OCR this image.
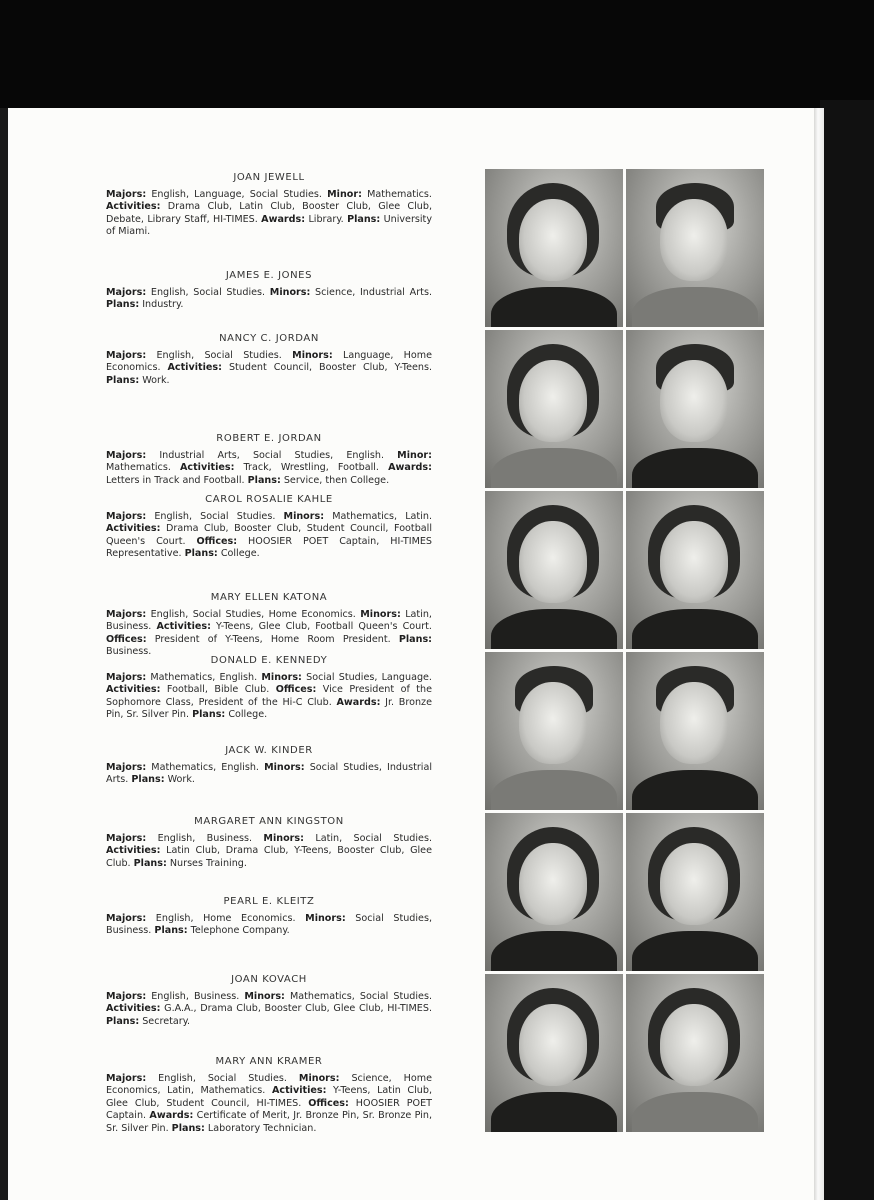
JOAN JEWELL
Majors: English, Language, Social Studies. Minor: Mathematics. Activities: Drama Club, Latin Club, Booster Club, Glee Club, Debate, Library Staff, HI-TIMES. Awards: Library. Plans: University of Miami.
JAMES E. JONES
Majors: English, Social Studies. Minors: Science, Industrial Arts. Plans: Industry.
NANCY C. JORDAN
Majors: English, Social Studies. Minors: Language, Home Economics. Activities: Student Council, Booster Club, Y-Teens. Plans: Work.
ROBERT E. JORDAN
Majors: Industrial Arts, Social Studies, English. Minor: Mathematics. Activities: Track, Wrestling, Football. Awards: Letters in Track and Football. Plans: Service, then College.
CAROL ROSALIE KAHLE
Majors: English, Social Studies. Minors: Mathematics, Latin. Activities: Drama Club, Booster Club, Student Council, Football Queen's Court. Offices: HOOSIER POET Captain, HI-TIMES Representative. Plans: College.
MARY ELLEN KATONA
Majors: English, Social Studies, Home Economics. Minors: Latin, Business. Activities: Y-Teens, Glee Club, Football Queen's Court. Offices: President of Y-Teens, Home Room President. Plans: Business.
DONALD E. KENNEDY
Majors: Mathematics, English. Minors: Social Studies, Language. Activities: Football, Bible Club. Offices: Vice President of the Sophomore Class, President of the Hi-C Club. Awards: Jr. Bronze Pin, Sr. Silver Pin. Plans: College.
JACK W. KINDER
Majors: Mathematics, English. Minors: Social Studies, Industrial Arts. Plans: Work.
MARGARET ANN KINGSTON
Majors: English, Business. Minors: Latin, Social Studies. Activities: Latin Club, Drama Club, Y-Teens, Booster Club, Glee Club. Plans: Nurses Training.
PEARL E. KLEITZ
Majors: English, Home Economics. Minors: Social Studies, Business. Plans: Telephone Company.
JOAN KOVACH
Majors: English, Business. Minors: Mathematics, Social Studies. Activities: G.A.A., Drama Club, Booster Club, Glee Club, HI-TIMES. Plans: Secretary.
MARY ANN KRAMER
Majors: English, Social Studies. Minors: Science, Home Economics, Latin, Mathematics. Activities: Y-Teens, Latin Club, Glee Club, Student Council, HI-TIMES. Offices: HOOSIER POET Captain. Awards: Certificate of Merit, Jr. Bronze Pin, Sr. Bronze Pin, Sr. Silver Pin. Plans: Laboratory Technician.
